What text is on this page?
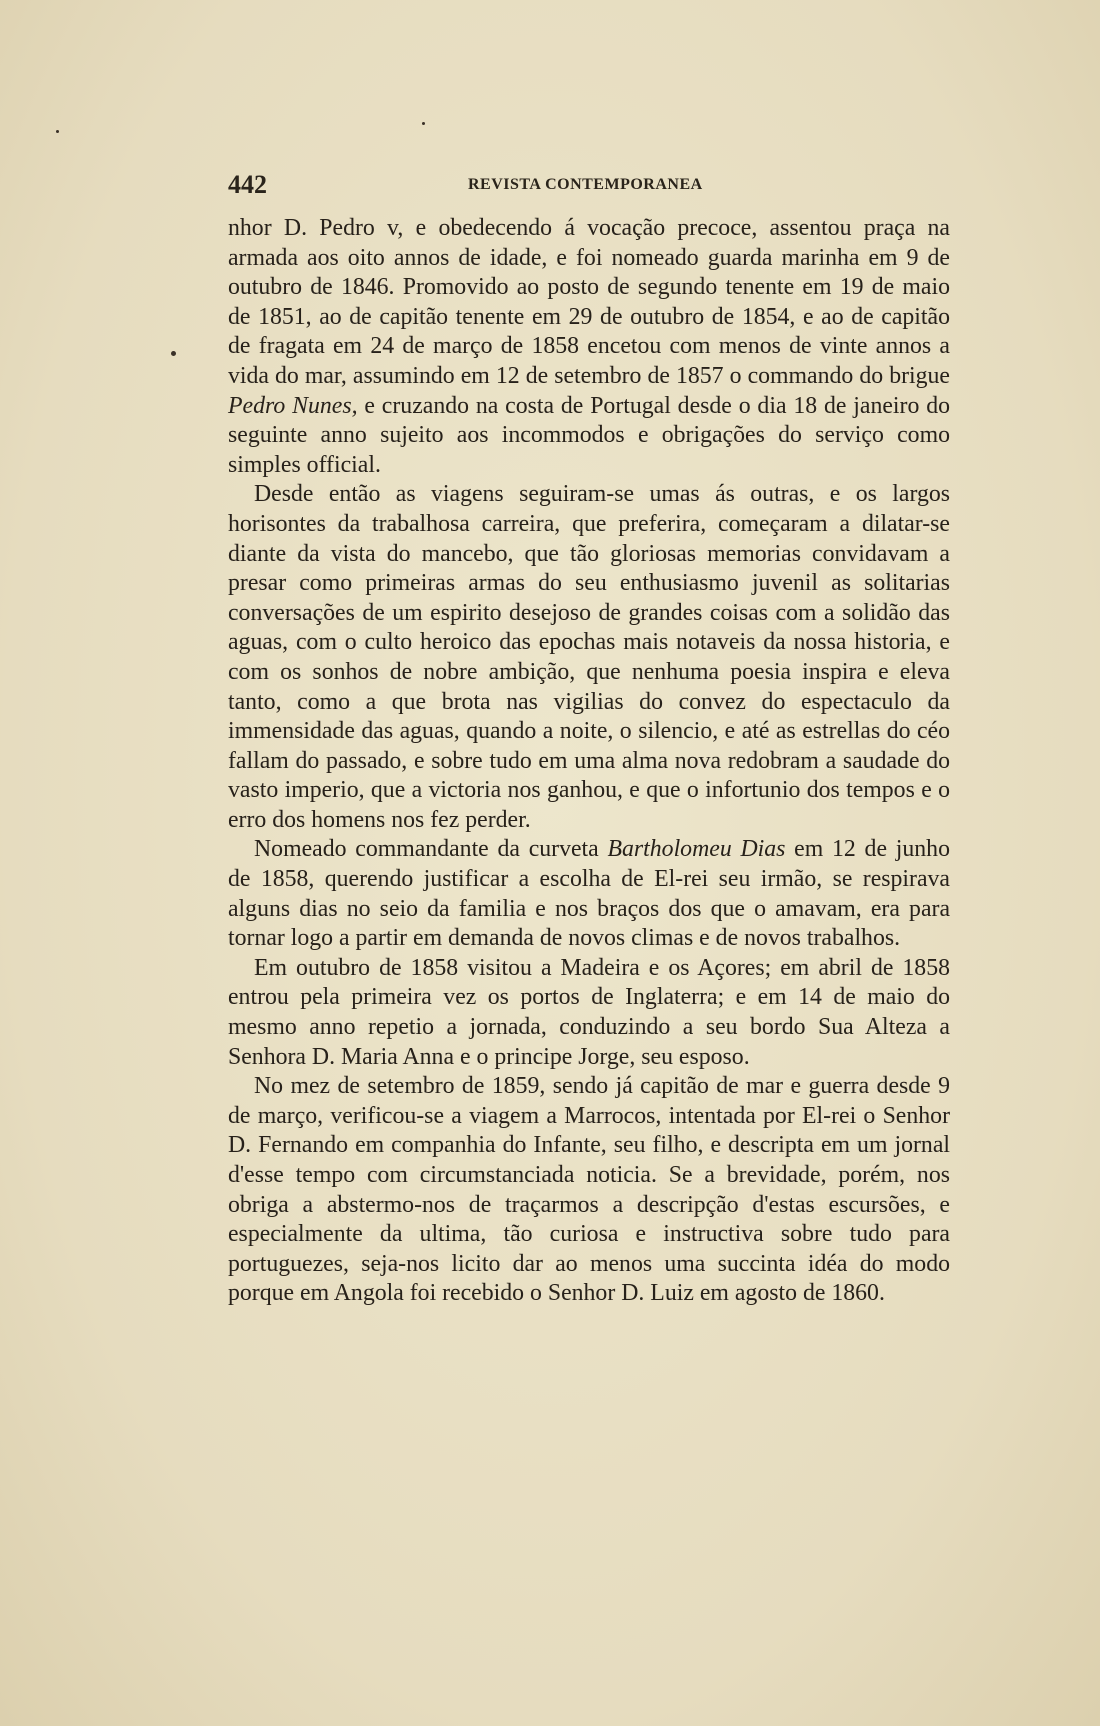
442	REVISTA CONTEMPORANEA

nhor D. Pedro v, e obedecendo á vocação precoce, assentou praça na armada aos oito annos de idade, e foi nomeado guarda marinha em 9 de outubro de 1846. Promovido ao posto de segundo tenente em 19 de maio de 1851, ao de capitão tenente em 29 de outubro de 1854, e ao de capitão de fragata em 24 de março de 1858 encetou com menos de vinte annos a vida do mar, assumindo em 12 de setembro de 1857 o commando do brigue Pedro Nunes, e cruzando na costa de Portugal desde o dia 18 de janeiro do seguinte anno sujeito aos incommodos e obrigações do serviço como simples official.

Desde então as viagens seguiram-se umas ás outras, e os largos horisontes da trabalhosa carreira, que preferira, começaram a dilatar-se diante da vista do mancebo, que tão gloriosas memorias convidavam a presar como primeiras armas do seu enthusiasmo juvenil as solitarias conversações de um espirito desejoso de grandes coisas com a solidão das aguas, com o culto heroico das epochas mais notaveis da nossa historia, e com os sonhos de nobre ambição, que nenhuma poesia inspira e eleva tanto, como a que brota nas vigilias do convez do espectaculo da immensidade das aguas, quando a noite, o silencio, e até as estrellas do céo fallam do passado, e sobre tudo em uma alma nova redobram a saudade do vasto imperio, que a victoria nos ganhou, e que o infortunio dos tempos e o erro dos homens nos fez perder.

Nomeado commandante da curveta Bartholomeu Dias em 12 de junho de 1858, querendo justificar a escolha de El-rei seu irmão, se respirava alguns dias no seio da familia e nos braços dos que o amavam, era para tornar logo a partir em demanda de novos climas e de novos trabalhos.

Em outubro de 1858 visitou a Madeira e os Açores; em abril de 1858 entrou pela primeira vez os portos de Inglaterra; e em 14 de maio do mesmo anno repetio a jornada, conduzindo a seu bordo Sua Alteza a Senhora D. Maria Anna e o principe Jorge, seu esposo.

No mez de setembro de 1859, sendo já capitão de mar e guerra desde 9 de março, verificou-se a viagem a Marrocos, intentada por El-rei o Senhor D. Fernando em companhia do Infante, seu filho, e descripta em um jornal d'esse tempo com circumstanciada noticia. Se a brevidade, porém, nos obriga a abstermo-nos de traçarmos a descripção d'estas escursões, e especialmente da ultima, tão curiosa e instructiva sobre tudo para portuguezes, seja-nos licito dar ao menos uma succinta idéa do modo porque em Angola foi recebido o Senhor D. Luiz em agosto de 1860.
